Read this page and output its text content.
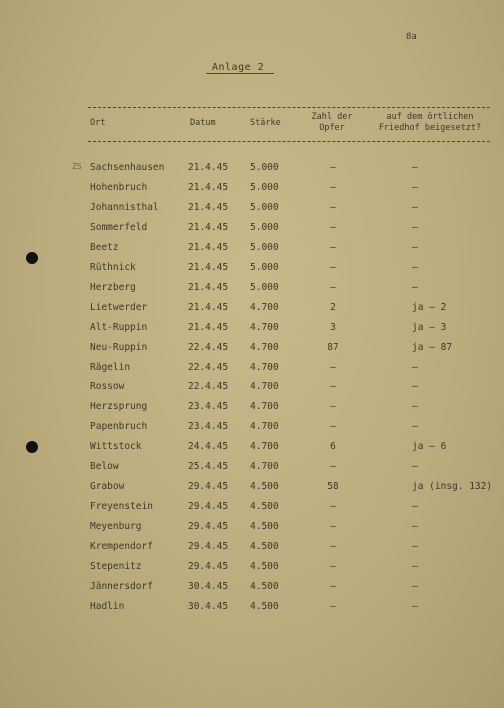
8a
Anlage 2
Ort	Datum	Stärke
Zahl der
Opfer
auf dem örtlichen
Friedhof beigesetzt?
ZS Sachsenhausen 21.4.45 5.000	–	–
Hohenbruch	21.4.45 5.000	–	–
Johannisthal	21.4.45 5.000	–	–
Sommerfeld	21.4.45 5.000	–	–
Beetz	21.4.45 5.000	–	–
Rüthnick	21.4.45 5.000	–	–
Herzberg	21.4.45 5.000	–	–
Lietwerder	21.4.45 4.700	2	ja – 2
Alt-Ruppin	21.4.45 4.700	3	ja – 3
Neu-Ruppin	22.4.45 4.700	87	ja – 87
Rägelin	22.4.45 4.700	–	–
Rossow	22.4.45 4.700	–	–
Herzsprung	23.4.45 4.700	–	–
Papenbruch	23.4.45 4.700	–	–
Wittstock	24.4.45 4.700	6	ja – 6
Below	25.4.45 4.700	–	–
Grabow	29.4.45 4.500	58	ja (insg. 132)
Freyenstein	29.4.45 4.500	–	–
Meyenburg	29.4.45 4.500	–	–
Krempendorf	29.4.45 4.500	–	–
Stepenitz	29.4.45 4.500	–	–
Jännersdorf	30.4.45 4.500	–	–
Hadlin	30.4.45 4.500	–	–
